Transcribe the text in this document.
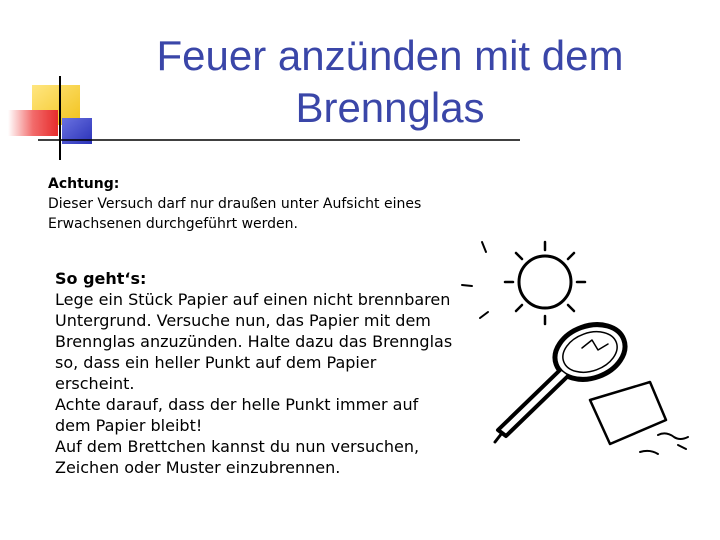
Feuer anzünden mit dem
Brennglas
Achtung:
Dieser Versuch darf nur draußen unter Aufsicht eines Erwachsenen durchgeführt werden.
So geht‘s:

Lege ein Stück Papier auf einen nicht brennbaren Untergrund. Versuche nun, das Papier mit dem Brennglas anzuzünden. Halte dazu das Brennglas so, dass ein heller Punkt auf dem Papier erscheint.

Achte darauf, dass der helle Punkt immer auf dem Papier bleibt!

Auf dem Brettchen kannst du nun versuchen, Zeichen oder Muster einzubrennen.
